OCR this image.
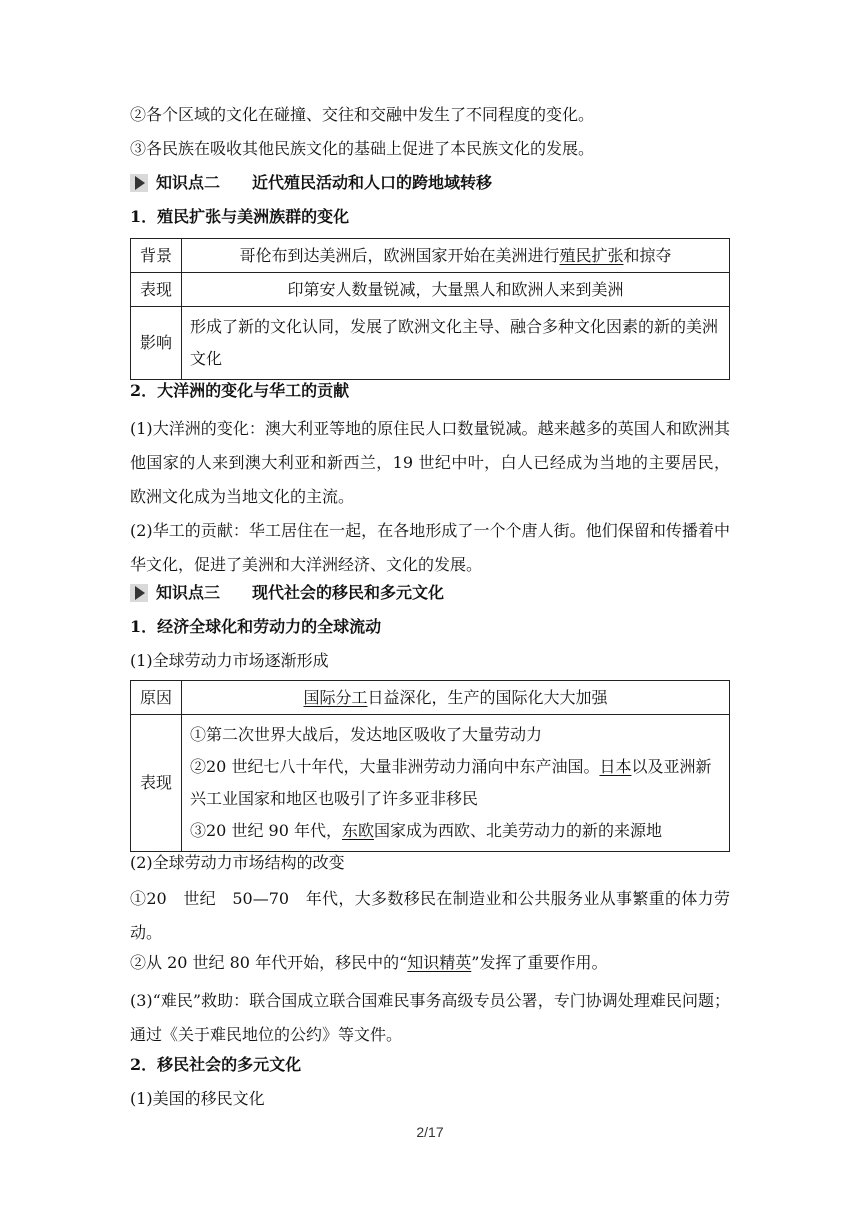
②各个区域的文化在碰撞、交往和交融中发生了不同程度的变化。
③各民族在吸收其他民族文化的基础上促进了本民族文化的发展。
知识点二 近代殖民活动和人口的跨地域转移
1．殖民扩张与美洲族群的变化
背景	哥伦布到达美洲后，欧洲国家开始在美洲进行殖民扩张和掠夺
表现	印第安人数量锐减，大量黑人和欧洲人来到美洲
影响	形成了新的文化认同，发展了欧洲文化主导、融合多种文化因素的新的美洲文化
2．大洋洲的变化与华工的贡献
(1)大洋洲的变化：澳大利亚等地的原住民人口数量锐减。越来越多的英国人和欧洲其他国家的人来到澳大利亚和新西兰，19 世纪中叶，白人已经成为当地的主要居民，欧洲文化成为当地文化的主流。
(2)华工的贡献：华工居住在一起，在各地形成了一个个唐人街。他们保留和传播着中华文化，促进了美洲和大洋洲经济、文化的发展。
知识点三 现代社会的移民和多元文化
1．经济全球化和劳动力的全球流动
(1)全球劳动力市场逐渐形成
原因	国际分工日益深化，生产的国际化大大加强
表现	①第二次世界大战后，发达地区吸收了大量劳动力
②20 世纪七八十年代，大量非洲劳动力涌向中东产油国。日本以及亚洲新兴工业国家和地区也吸引了许多亚非移民
③20 世纪 90 年代，东欧国家成为西欧、北美劳动力的新的来源地
(2)全球劳动力市场结构的改变
①20　世纪　50—70　年代，大多数移民在制造业和公共服务业从事繁重的体力劳动。
②从 20 世纪 80 年代开始，移民中的“知识精英”发挥了重要作用。
(3)“难民”救助：联合国成立联合国难民事务高级专员公署，专门协调处理难民问题；通过《关于难民地位的公约》等文件。
2．移民社会的多元文化
(1)美国的移民文化
2/17
